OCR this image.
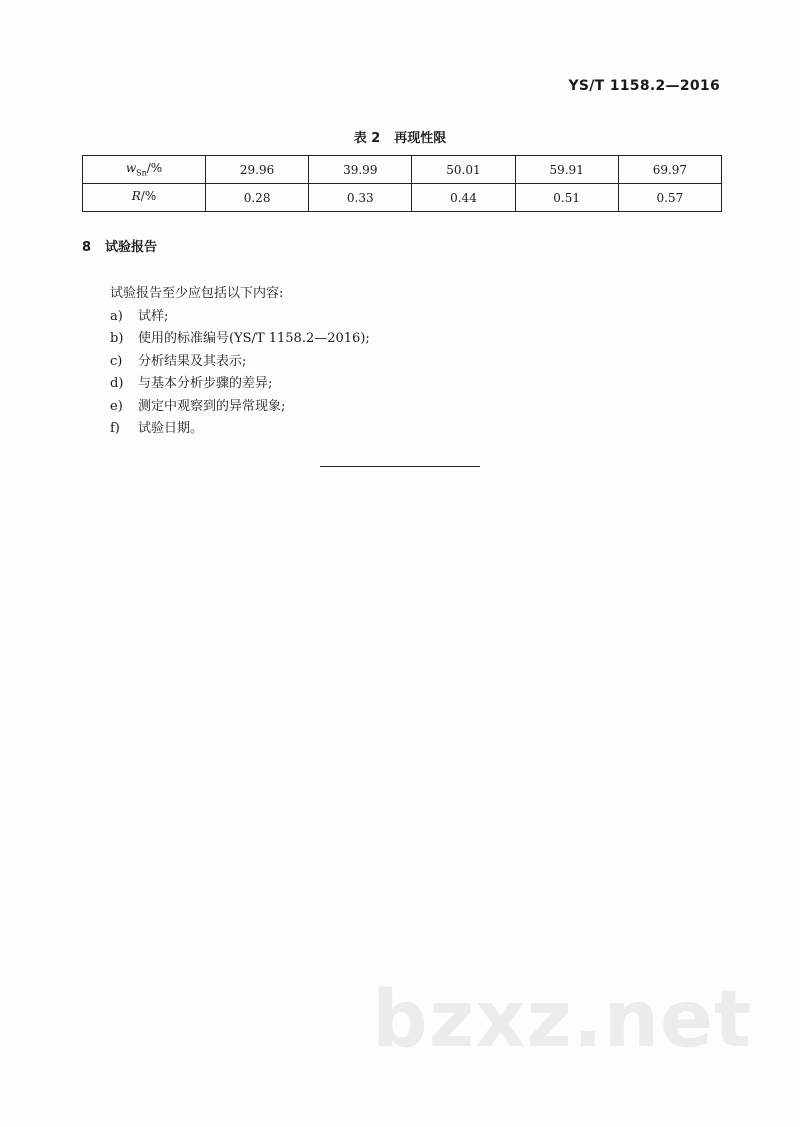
YS/T 1158.2—2016
表 2 再现性限
$w_{Sn}/\%$	29.96	39.99	50.01	59.91	69.97
R/%	0.28	0.33	0.44	0.51	0.57
8 试验报告
试验报告至少应包括以下内容:
a) 试样;
b) 使用的标准编号(YS/T 1158.2—2016);
c) 分析结果及其表示;
d) 与基本分析步骤的差异;
e) 测定中观察到的异常现象;
f) 试验日期。
bzxz.net
